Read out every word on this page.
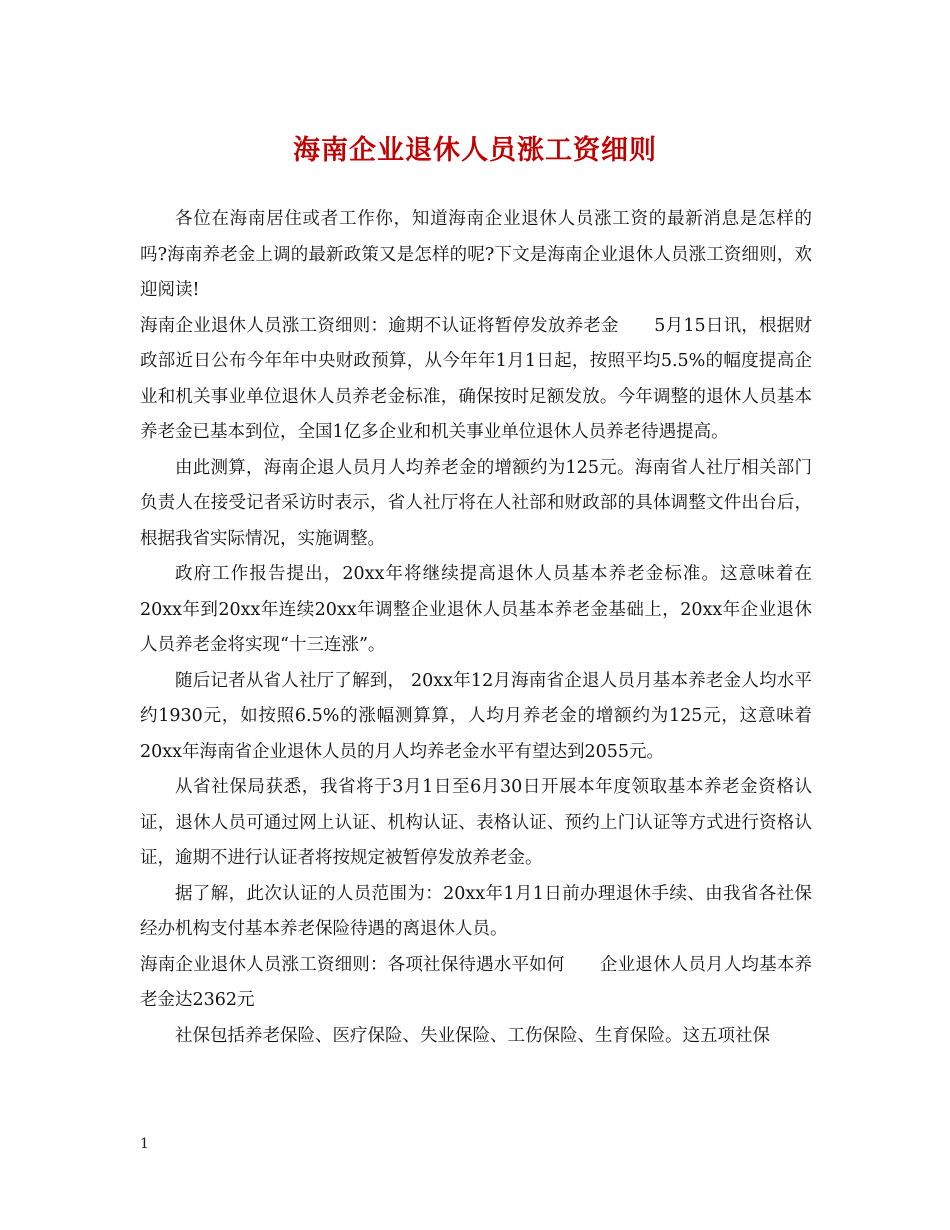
海南企业退休人员涨工资细则

各位在海南居住或者工作你，知道海南企业退休人员涨工资的最新消息是怎样的吗?海南养老金上调的最新政策又是怎样的呢?下文是海南企业退休人员涨工资细则，欢迎阅读!

海南企业退休人员涨工资细则：逾期不认证将暂停发放养老金　　5月15日讯，根据财政部近日公布今年年中央财政预算，从今年年1月1日起，按照平均5.5%的幅度提高企业和机关事业单位退休人员养老金标准，确保按时足额发放。今年调整的退休人员基本养老金已基本到位，全国1亿多企业和机关事业单位退休人员养老待遇提高。

由此测算，海南企退人员月人均养老金的增额约为125元。海南省人社厅相关部门负责人在接受记者采访时表示，省人社厅将在人社部和财政部的具体调整文件出台后，根据我省实际情况，实施调整。

政府工作报告提出，20xx年将继续提高退休人员基本养老金标准。这意味着在20xx年到20xx年连续20xx年调整企业退休人员基本养老金基础上，20xx年企业退休人员养老金将实现“十三连涨”。

随后记者从省人社厅了解到， 20xx年12月海南省企退人员月基本养老金人均水平约1930元，如按照6.5%的涨幅测算算，人均月养老金的增额约为125元，这意味着20xx年海南省企业退休人员的月人均养老金水平有望达到2055元。

从省社保局获悉，我省将于3月1日至6月30日开展本年度领取基本养老金资格认证，退休人员可通过网上认证、机构认证、表格认证、预约上门认证等方式进行资格认证，逾期不进行认证者将按规定被暂停发放养老金。

据了解，此次认证的人员范围为：20xx年1月1日前办理退休手续、由我省各社保经办机构支付基本养老保险待遇的离退休人员。

海南企业退休人员涨工资细则：各项社保待遇水平如何　　企业退休人员月人均基本养老金达2362元

社保包括养老保险、医疗保险、失业保险、工伤保险、生育保险。这五项社保

1
